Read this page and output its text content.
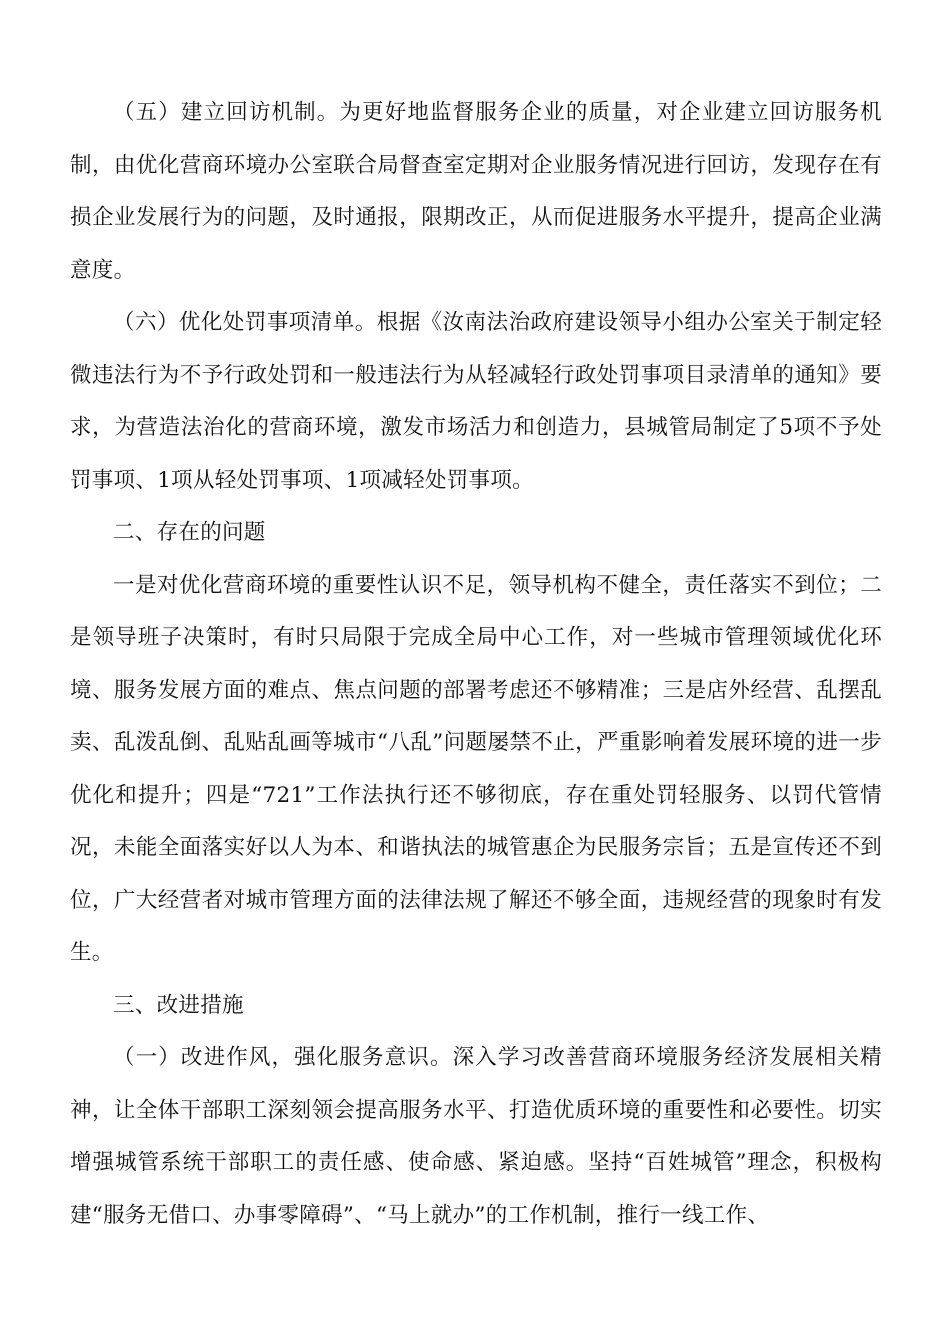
（五）建立回访机制。为更好地监督服务企业的质量，对企业建立回访服务机制，由优化营商环境办公室联合局督查室定期对企业服务情况进行回访，发现存在有损企业发展行为的问题，及时通报，限期改正，从而促进服务水平提升，提高企业满意度。

（六）优化处罚事项清单。根据《汝南法治政府建设领导小组办公室关于制定轻微违法行为不予行政处罚和一般违法行为从轻减轻行政处罚事项目录清单的通知》要求，为营造法治化的营商环境，激发市场活力和创造力，县城管局制定了5项不予处罚事项、1项从轻处罚事项、1项减轻处罚事项。

二、存在的问题

一是对优化营商环境的重要性认识不足，领导机构不健全，责任落实不到位；二是领导班子决策时，有时只局限于完成全局中心工作，对一些城市管理领域优化环境、服务发展方面的难点、焦点问题的部署考虑还不够精准；三是店外经营、乱摆乱卖、乱泼乱倒、乱贴乱画等城市“八乱”问题屡禁不止，严重影响着发展环境的进一步优化和提升；四是“721”工作法执行还不够彻底，存在重处罚轻服务、以罚代管情况，未能全面落实好以人为本、和谐执法的城管惠企为民服务宗旨；五是宣传还不到位，广大经营者对城市管理方面的法律法规了解还不够全面，违规经营的现象时有发生。

三、改进措施

（一）改进作风，强化服务意识。深入学习改善营商环境服务经济发展相关精神，让全体干部职工深刻领会提高服务水平、打造优质环境的重要性和必要性。切实增强城管系统干部职工的责任感、使命感、紧迫感。坚持“百姓城管”理念，积极构建“服务无借口、办事零障碍”、“马上就办”的工作机制，推行一线工作、
